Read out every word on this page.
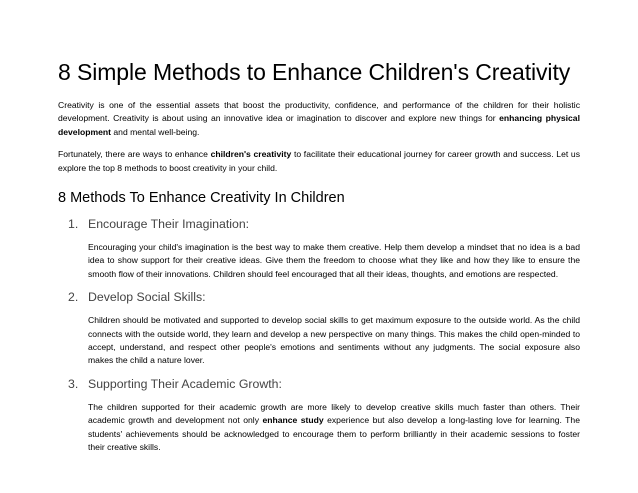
8 Simple Methods to Enhance Children's Creativity

Creativity is one of the essential assets that boost the productivity, confidence, and performance of the children for their holistic development. Creativity is about using an innovative idea or imagination to discover and explore new things for enhancing physical development and mental well-being.

Fortunately, there are ways to enhance children's creativity to facilitate their educational journey for career growth and success. Let us explore the top 8 methods to boost creativity in your child.

8 Methods To Enhance Creativity In Children
1. Encourage Their Imagination:

Encouraging your child's imagination is the best way to make them creative. Help them develop a mindset that no idea is a bad idea to show support for their creative ideas. Give them the freedom to choose what they like and how they like to ensure the smooth flow of their innovations. Children should feel encouraged that all their ideas, thoughts, and emotions are respected.

2. Develop Social Skills:

Children should be motivated and supported to develop social skills to get maximum exposure to the outside world. As the child connects with the outside world, they learn and develop a new perspective on many things. This makes the child open-minded to accept, understand, and respect other people's emotions and sentiments without any judgments. The social exposure also makes the child a nature lover.

3. Supporting Their Academic Growth:

The children supported for their academic growth are more likely to develop creative skills much faster than others. Their academic growth and development not only enhance study experience but also develop a long-lasting love for learning. The students' achievements should be acknowledged to encourage them to perform brilliantly in their academic sessions to foster their creative skills.
